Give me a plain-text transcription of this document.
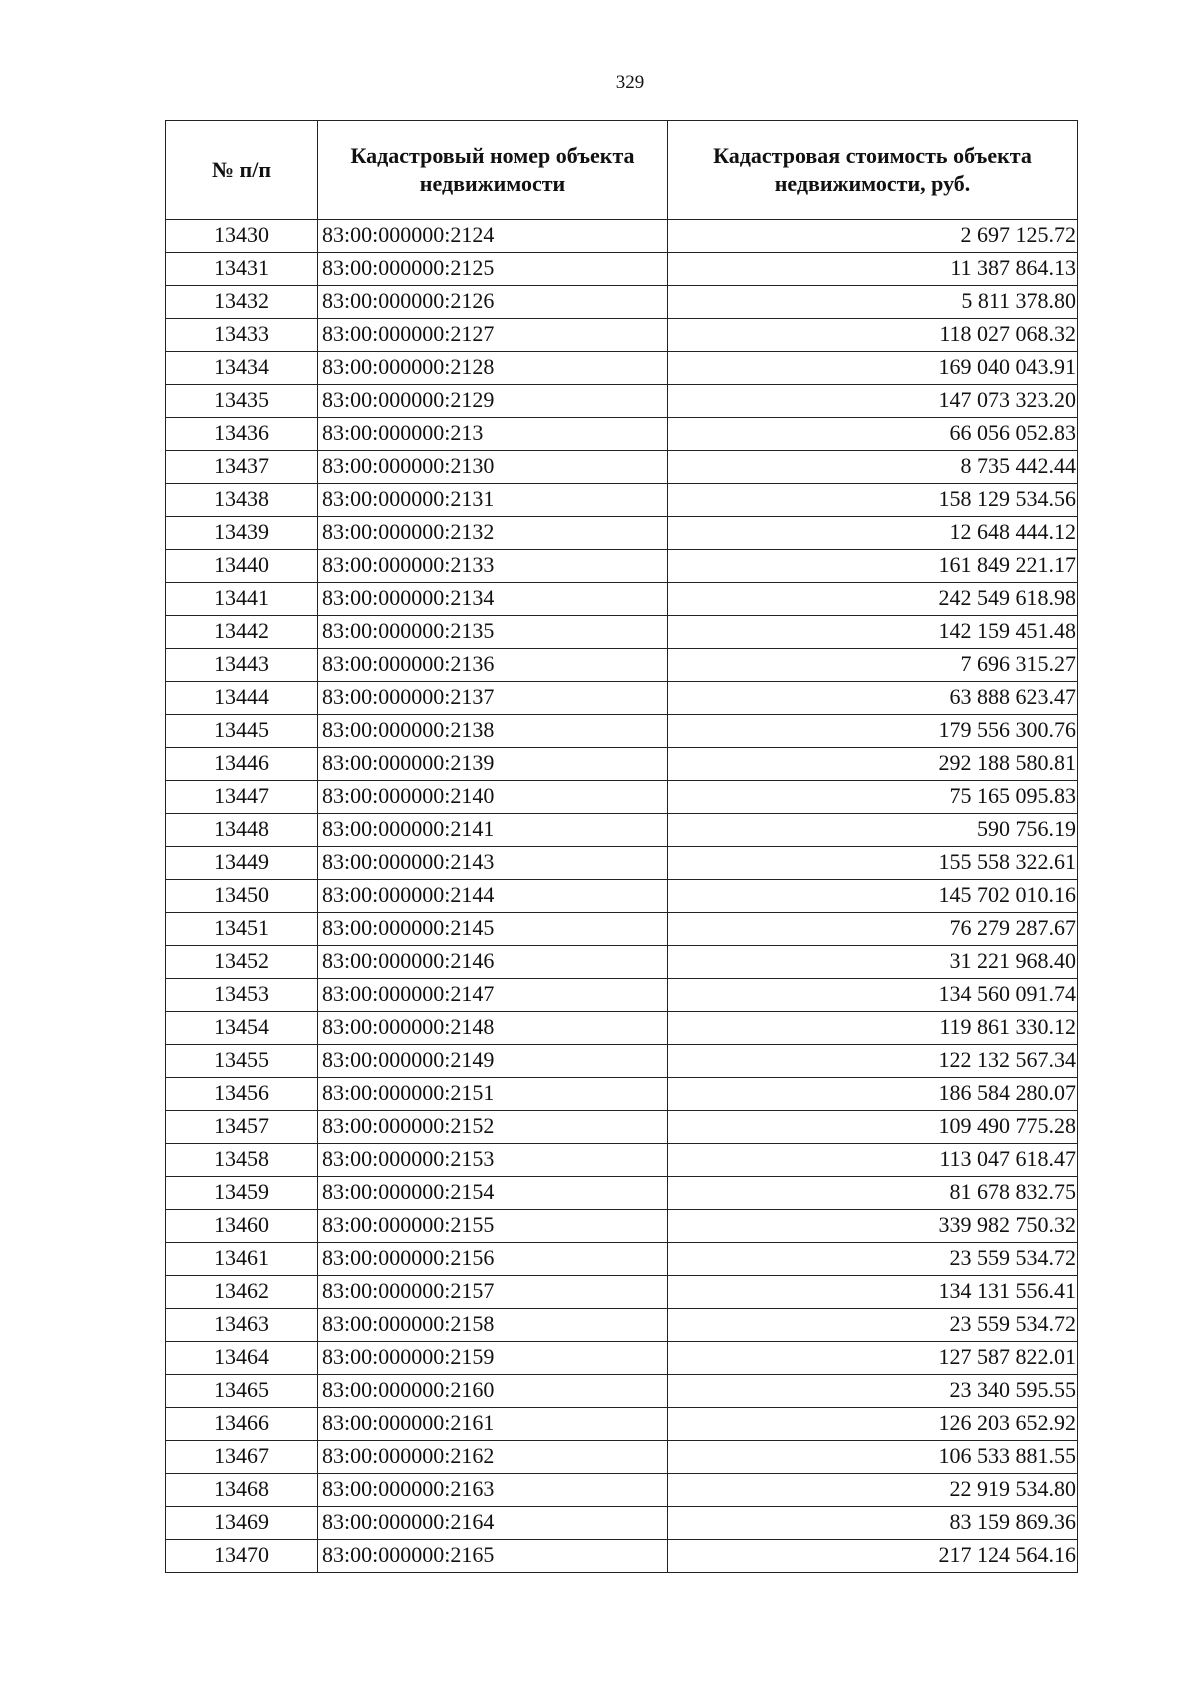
329
№ п/п	Кадастровый номер объекта недвижимости	Кадастровая стоимость объекта недвижимости, руб.
13430	83:00:000000:2124	2 697 125.72
13431	83:00:000000:2125	11 387 864.13
13432	83:00:000000:2126	5 811 378.80
13433	83:00:000000:2127	118 027 068.32
13434	83:00:000000:2128	169 040 043.91
13435	83:00:000000:2129	147 073 323.20
13436	83:00:000000:213	66 056 052.83
13437	83:00:000000:2130	8 735 442.44
13438	83:00:000000:2131	158 129 534.56
13439	83:00:000000:2132	12 648 444.12
13440	83:00:000000:2133	161 849 221.17
13441	83:00:000000:2134	242 549 618.98
13442	83:00:000000:2135	142 159 451.48
13443	83:00:000000:2136	7 696 315.27
13444	83:00:000000:2137	63 888 623.47
13445	83:00:000000:2138	179 556 300.76
13446	83:00:000000:2139	292 188 580.81
13447	83:00:000000:2140	75 165 095.83
13448	83:00:000000:2141	590 756.19
13449	83:00:000000:2143	155 558 322.61
13450	83:00:000000:2144	145 702 010.16
13451	83:00:000000:2145	76 279 287.67
13452	83:00:000000:2146	31 221 968.40
13453	83:00:000000:2147	134 560 091.74
13454	83:00:000000:2148	119 861 330.12
13455	83:00:000000:2149	122 132 567.34
13456	83:00:000000:2151	186 584 280.07
13457	83:00:000000:2152	109 490 775.28
13458	83:00:000000:2153	113 047 618.47
13459	83:00:000000:2154	81 678 832.75
13460	83:00:000000:2155	339 982 750.32
13461	83:00:000000:2156	23 559 534.72
13462	83:00:000000:2157	134 131 556.41
13463	83:00:000000:2158	23 559 534.72
13464	83:00:000000:2159	127 587 822.01
13465	83:00:000000:2160	23 340 595.55
13466	83:00:000000:2161	126 203 652.92
13467	83:00:000000:2162	106 533 881.55
13468	83:00:000000:2163	22 919 534.80
13469	83:00:000000:2164	83 159 869.36
13470	83:00:000000:2165	217 124 564.16
